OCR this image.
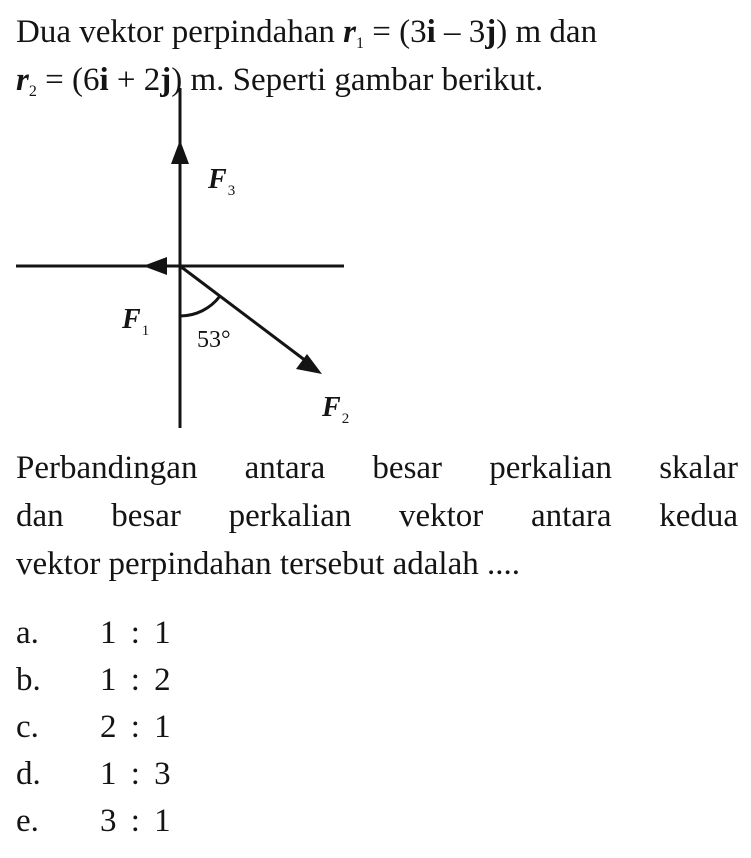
Dua vektor perpindahan $r_1 = (3i - 3j)$ m dan
$r_2 = (6i + 2j)$ m. Seperti gambar berikut.

$F_3$
$F_1$
$F_2$
53°

Perbandingan antara besar perkalian skalar
dan besar perkalian vektor antara kedua
vektor perpindahan tersebut adalah ....

a. 1 : 1
b. 1 : 2
c. 2 : 1
d. 1 : 3
e. 3 : 1
